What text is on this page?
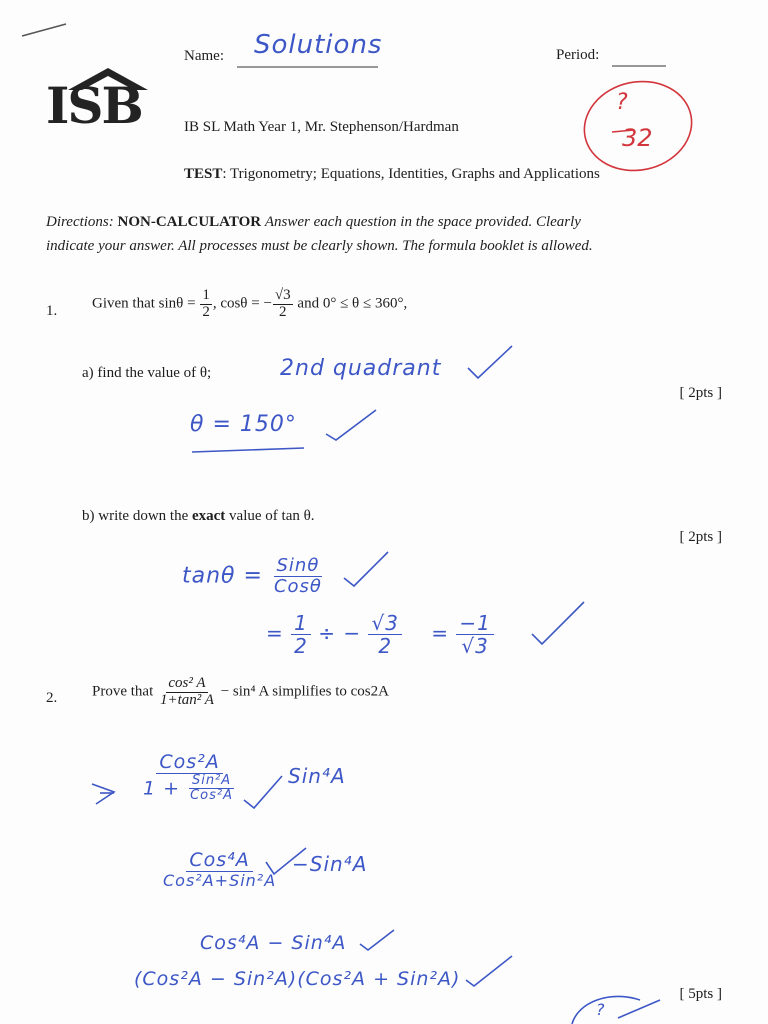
Name: Solutions	Period:
ISB	IB SL Math Year 1, Mr. Stephenson/Hardman
?
32
TEST: Trigonometry; Equations, Identities, Graphs and Applications
Directions: NON-CALCULATOR Answer each question in the space provided. Clearly
indicate your answer. All processes must be clearly shown. The formula booklet is allowed.
1. Given that $\sin\theta = \frac{1}{2}$ , cosθ = − $\frac{√3}{2}$ and 0° ≤ θ ≤ 360°,
a) find the value of θ;
[ 2pts ]
2nd quadrant
θ = 150°
b) write down the exact value of tan θ.
[ 2pts ]
$\tan\theta = \frac{\text{Sinθ}}{\text{Cosθ}}$
= $\frac{1}{2}$ ÷ − $\frac{√3}{2} = \frac{-1}{√3}$
2. Prove that $\frac{\text{cos² A}}{\text{1+tan² A}} - \sin^4$ A simplifies to cos2A
$\frac{\text{Cos²A}}{1 + \frac{\text{Sin²A}}{\text{Cos²A}}} Sin^4A$
$\frac{\text{Cos⁴A}}{\text{Cos²A+Sin²A}} -Sin^4A$
Cos⁴A − Sin⁴A
(Cos²A − Sin²A)(Cos²A + Sin²A)
[ 5pts ]
?
